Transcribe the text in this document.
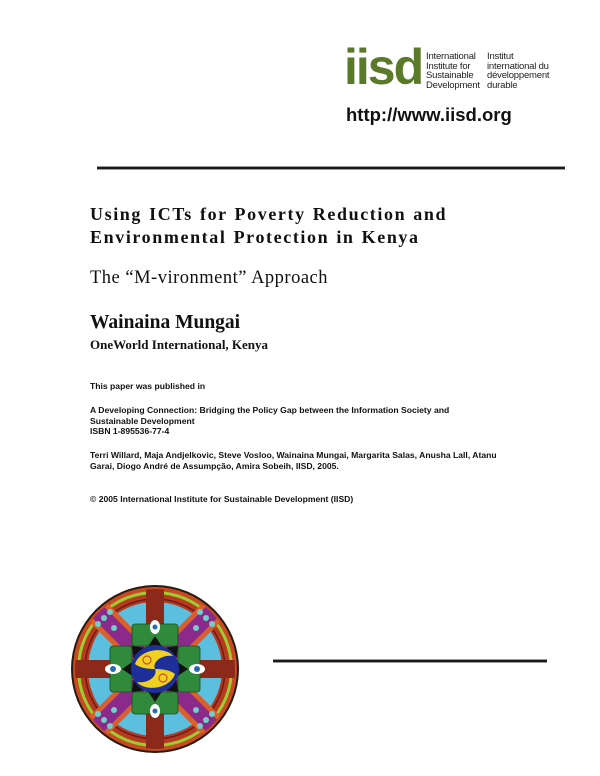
iisd International
Institute for
Sustainable
Development
Institut
international du
développement
durable
http://www.iisd.org
Using ICTs for Poverty Reduction and
Environmental Protection in Kenya
The “M-vironment” Approach
Wainaina Mungai
OneWorld International, Kenya
This paper was published in
A Developing Connection: Bridging the Policy Gap between the Information Society and
Sustainable Development
ISBN 1-895536-77-4
Terri Willard, Maja Andjelkovic, Steve Vosloo, Wainaina Mungai, Margarita Salas, Anusha Lall, Atanu
Garai, Diogo André de Assumpção, Amira Sobeih, IISD, 2005.
© 2005 International Institute for Sustainable Development (IISD)
